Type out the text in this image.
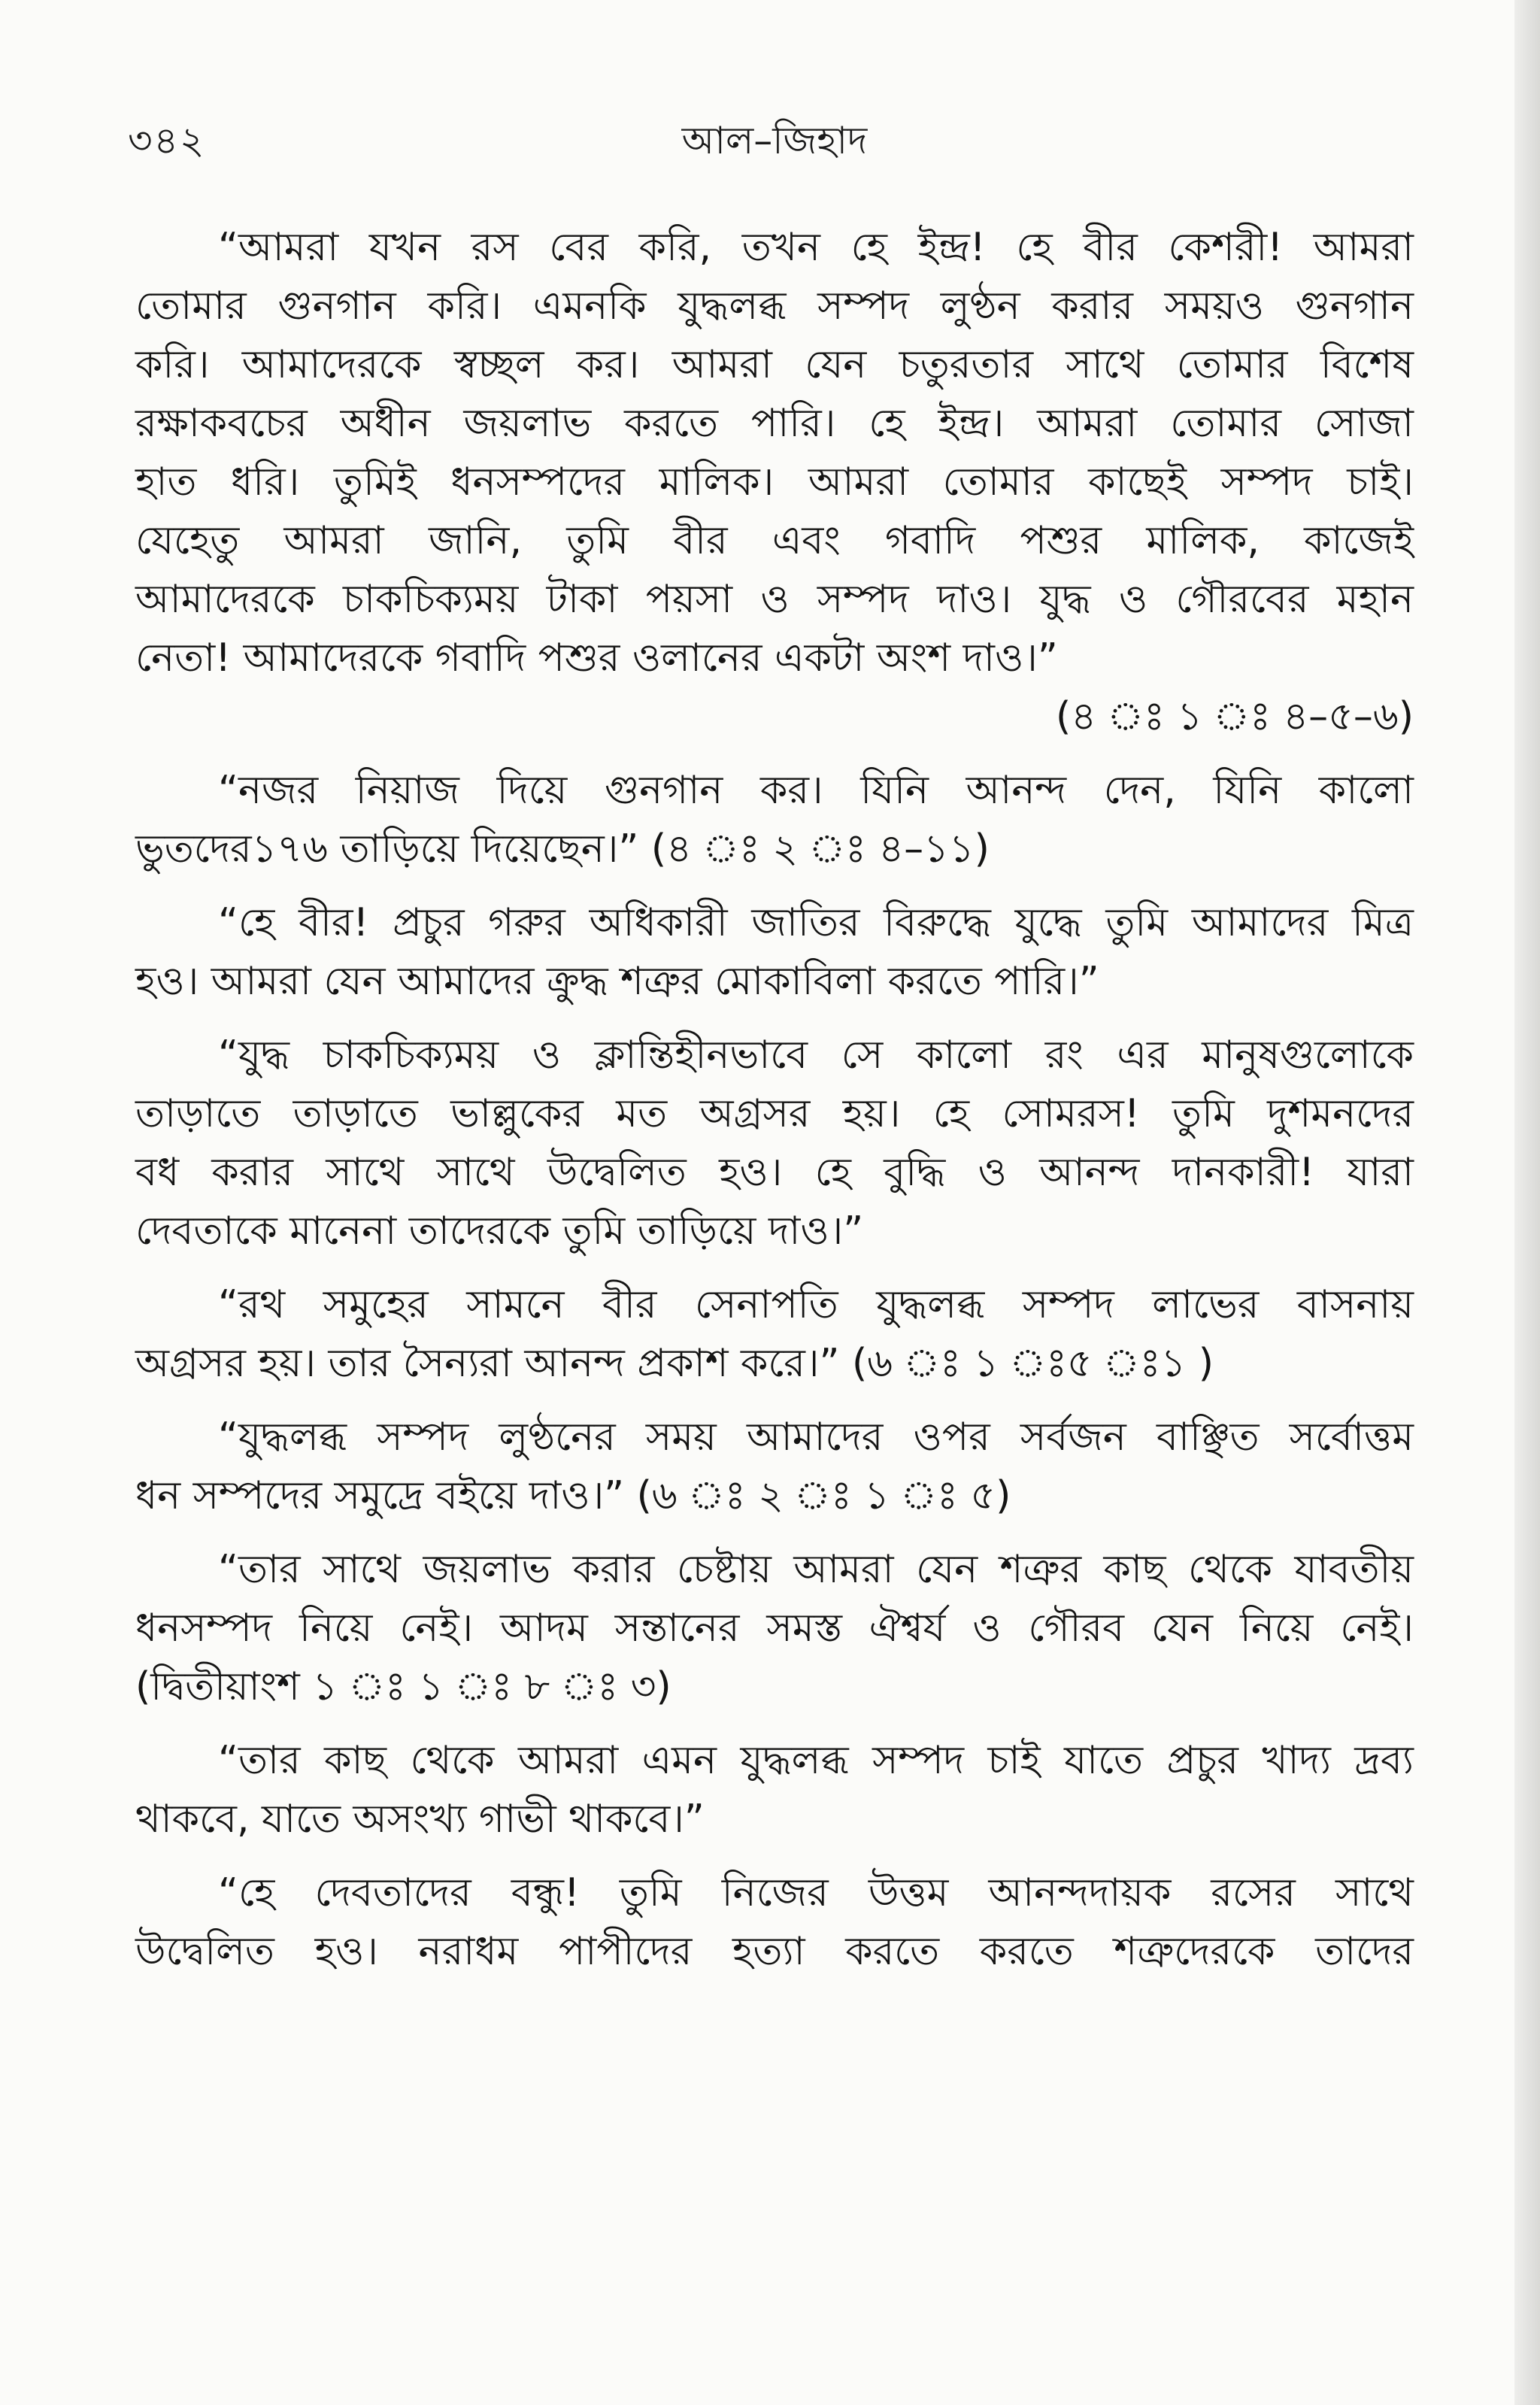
৩৪২	আল–জিহাদ
“আমরা যখন রস বের করি, তখন হে ইন্দ্র! হে বীর কেশরী! আমরা
তোমার গুনগান করি। এমনকি যুদ্ধলব্ধ সম্পদ লুণ্ঠন করার সময়ও গুনগান
করি। আমাদেরকে স্বচ্ছল কর। আমরা যেন চতুরতার সাথে তোমার বিশেষ
রক্ষাকবচের অধীন জয়লাভ করতে পারি। হে ইন্দ্র। আমরা তোমার সোজা
হাত ধরি। তুমিই ধনসম্পদের মালিক। আমরা তোমার কাছেই সম্পদ চাই।
যেহেতু আমরা জানি, তুমি বীর এবং গবাদি পশুর মালিক, কাজেই
আমাদেরকে চাকচিক্যময় টাকা পয়সা ও সম্পদ দাও। যুদ্ধ ও গৌরবের মহান
নেতা! আমাদেরকে গবাদি পশুর ওলানের একটা অংশ দাও।”
(৪ ঃ ১ ঃ ৪–৫–৬)
“নজর নিয়াজ দিয়ে গুনগান কর। যিনি আনন্দ দেন, যিনি কালো
ভুতদের১৭৬ তাড়িয়ে দিয়েছেন।” (৪ ঃ ২ ঃ ৪–১১)
“হে বীর! প্রচুর গরুর অধিকারী জাতির বিরুদ্ধে যুদ্ধে তুমি আমাদের মিত্র
হও। আমরা যেন আমাদের ক্রুদ্ধ শত্রুর মোকাবিলা করতে পারি।”
“যুদ্ধ চাকচিক্যময় ও ক্লান্তিহীনভাবে সে কালো রং এর মানুষগুলোকে
তাড়াতে তাড়াতে ভাল্লুকের মত অগ্রসর হয়। হে সোমরস! তুমি দুশমনদের
বধ করার সাথে সাথে উদ্বেলিত হও। হে বুদ্ধি ও আনন্দ দানকারী! যারা
দেবতাকে মানেনা তাদেরকে তুমি তাড়িয়ে দাও।”
“রথ সমুহের সামনে বীর সেনাপতি যুদ্ধলব্ধ সম্পদ লাভের বাসনায়
অগ্রসর হয়। তার সৈন্যরা আনন্দ প্রকাশ করে।” (৬ ঃ ১ ঃ৫ ঃ১ )
“যুদ্ধলব্ধ সম্পদ লুণ্ঠনের সময় আমাদের ওপর সর্বজন বাঞ্ছিত সর্বোত্তম
ধন সম্পদের সমুদ্রে বইয়ে দাও।” (৬ ঃ ২ ঃ ১ ঃ ৫)
“তার সাথে জয়লাভ করার চেষ্টায় আমরা যেন শত্রুর কাছ থেকে যাবতীয়
ধনসম্পদ নিয়ে নেই। আদম সন্তানের সমস্ত ঐশ্বর্য ও গৌরব যেন নিয়ে নেই।
(দ্বিতীয়াংশ ১ ঃ ১ ঃ ৮ ঃ ৩)
“তার কাছ থেকে আমরা এমন যুদ্ধলব্ধ সম্পদ চাই যাতে প্রচুর খাদ্য দ্রব্য
থাকবে, যাতে অসংখ্য গাভী থাকবে।”
“হে দেবতাদের বন্ধু! তুমি নিজের উত্তম আনন্দদায়ক রসের সাথে
উদ্বেলিত হও। নরাধম পাপীদের হত্যা করতে করতে শত্রুদেরকে তাদের
